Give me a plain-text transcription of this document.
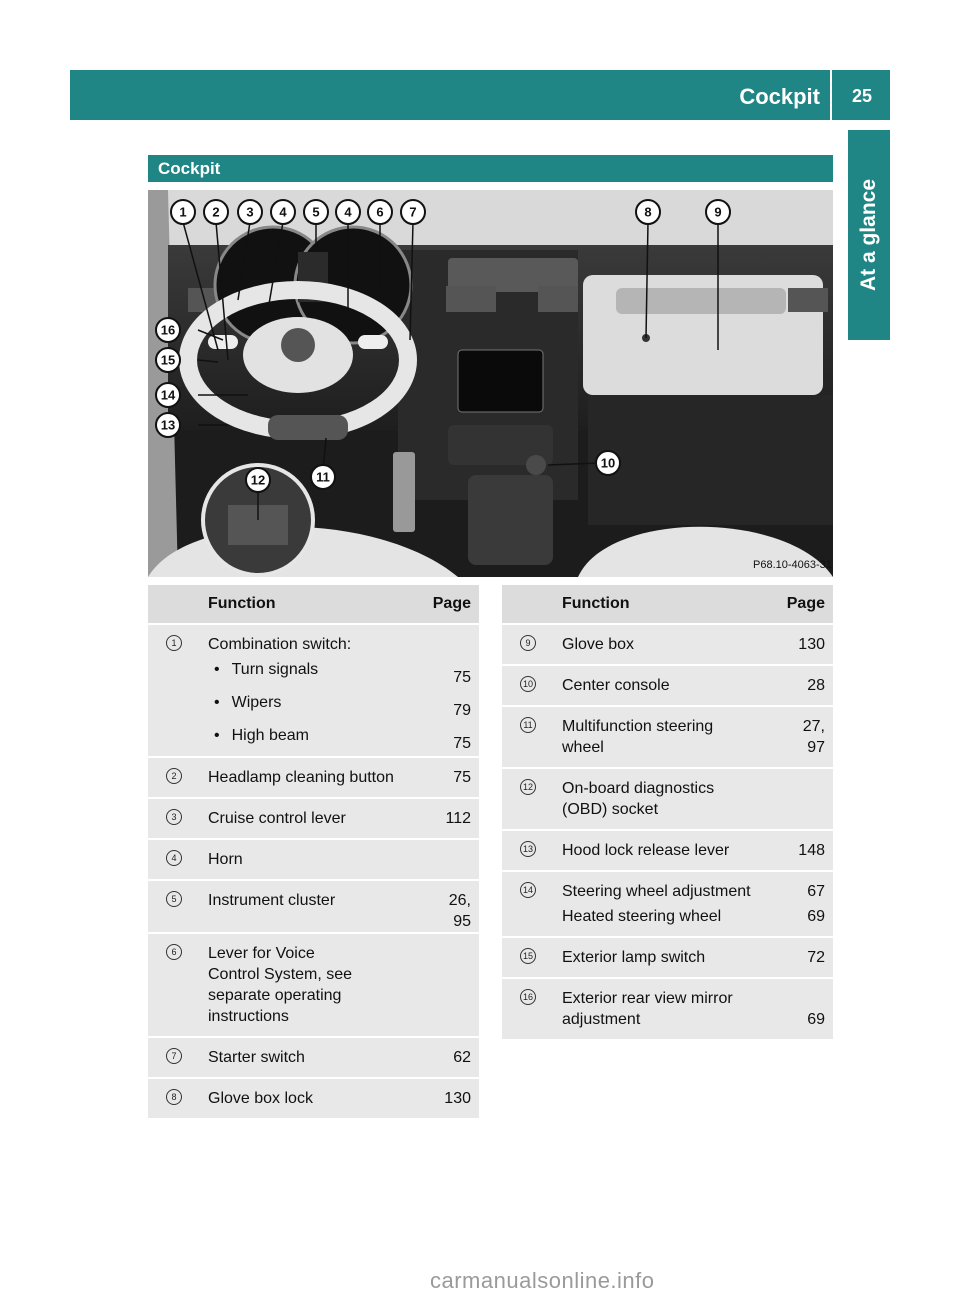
Cockpit 25
At a glance
Cockpit
1 2 3 4 5 4 6 7	8	9
10
11
12
13
14
15
16
P68.10-4063-31
	Function	Page
1	Combination switch:	
	• Turn signals	75
	• Wipers	79
	• High beam	75
2	Headlamp cleaning button	75
3	Cruise control lever	112
4	Horn	
5	Instrument cluster	26,
95
6	Lever for Voice Control System, see separate operating instructions	
7	Starter switch	62
8	Glove box lock	130
	Function	Page
9	Glove box	130
10	Center console	28
11	Multifunction steering wheel	27,
97
12	On-board diagnostics (OBD) socket	
13	Hood lock release lever	148
14	Steering wheel adjustment	67
	Heated steering wheel	69
15	Exterior lamp switch	72
16	Exterior rear view mirror adjustment	69
carmanualsonline.info
